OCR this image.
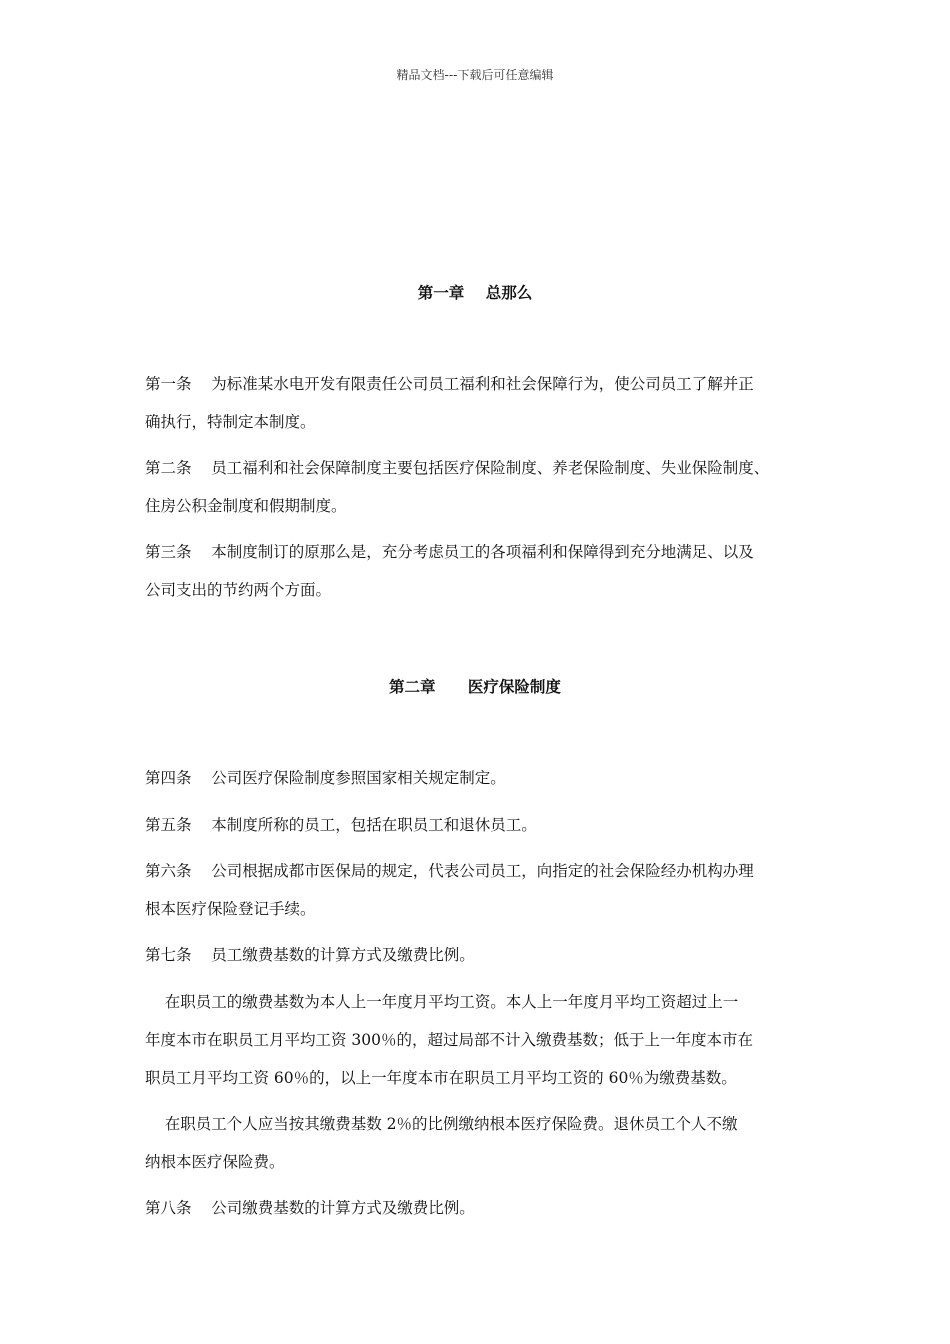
精品文档---下载后可任意编辑
第一章    总那么
第一条    为标准某水电开发有限责任公司员工福利和社会保障行为，使公司员工了解并正
确执行，特制定本制度。
第二条    员工福利和社会保障制度主要包括医疗保险制度、养老保险制度、失业保险制度、
住房公积金制度和假期制度。
第三条    本制度制订的原那么是，充分考虑员工的各项福利和保障得到充分地满足、以及
公司支出的节约两个方面。
第二章      医疗保险制度
第四条    公司医疗保险制度参照国家相关规定制定。
第五条    本制度所称的员工，包括在职员工和退休员工。
第六条    公司根据成都市医保局的规定，代表公司员工，向指定的社会保险经办机构办理
根本医疗保险登记手续。
第七条    员工缴费基数的计算方式及缴费比例。
在职员工的缴费基数为本人上一年度月平均工资。本人上一年度月平均工资超过上一
年度本市在职员工月平均工资 300％的，超过局部不计入缴费基数；低于上一年度本市在
职员工月平均工资 60％的，以上一年度本市在职员工月平均工资的 60％为缴费基数。
在职员工个人应当按其缴费基数 2％的比例缴纳根本医疗保险费。退休员工个人不缴
纳根本医疗保险费。
第八条    公司缴费基数的计算方式及缴费比例。
